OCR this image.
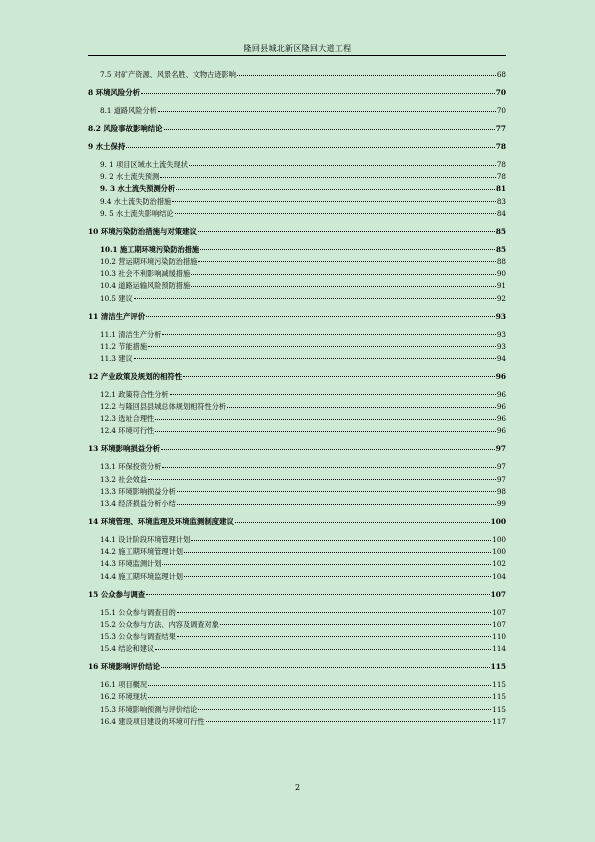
隆回县城北新区隆回大道工程
7.5 对矿产资源、风景名胜、文物古迹影响	68
8 环境风险分析	70
8.1 道路风险分析	70
8.2 风险事故影响结论	77
9 水土保持	78
9. 1 项目区域水土流失现状	78
9. 2 水土流失预测	78
9. 3 水土流失预测分析	81
9.4 水土流失防治措施	83
9. 5 水土流失影响结论	84
10 环境污染防治措施与对策建议	85
10.1 施工期环境污染防治措施	85
10.2 营运期环境污染防治措施	88
10.3 社会不利影响减缓措施	90
10.4 道路运输风险预防措施	91
10.5 建议	92
11 清洁生产评价	93
11.1 清洁生产分析	93
11.2 节能措施	93
11.3 建议	94
12 产业政策及规划的相符性	96
12.1 政策符合性分析	96
12.2 与隆回县县城总体规划相符性分析	96
12.3 选址合理性	96
12.4 环境可行性	96
13 环境影响损益分析	97
13.1 环保投资分析	97
13.2 社会效益	97
13.3 环境影响损益分析	98
13.4 经济损益分析小结	99
14 环境管理、环境监理及环境监测制度建议	100
14.1 设计阶段环境管理计划	100
14.2 施工期环境管理计划	100
14.3 环境监测计划	102
14.4 施工期环境监理计划	104
15 公众参与调查	107
15.1 公众参与调查目的	107
15.2 公众参与方法、内容及调查对象	107
15.3 公众参与调查结果	110
15.4 结论和建议	114
16 环境影响评价结论	115
16.1 项目概况	115
16.2 环境现状	115
15.3 环境影响预测与评价结论	115
16.4 建设项目建设的环境可行性	117
2
